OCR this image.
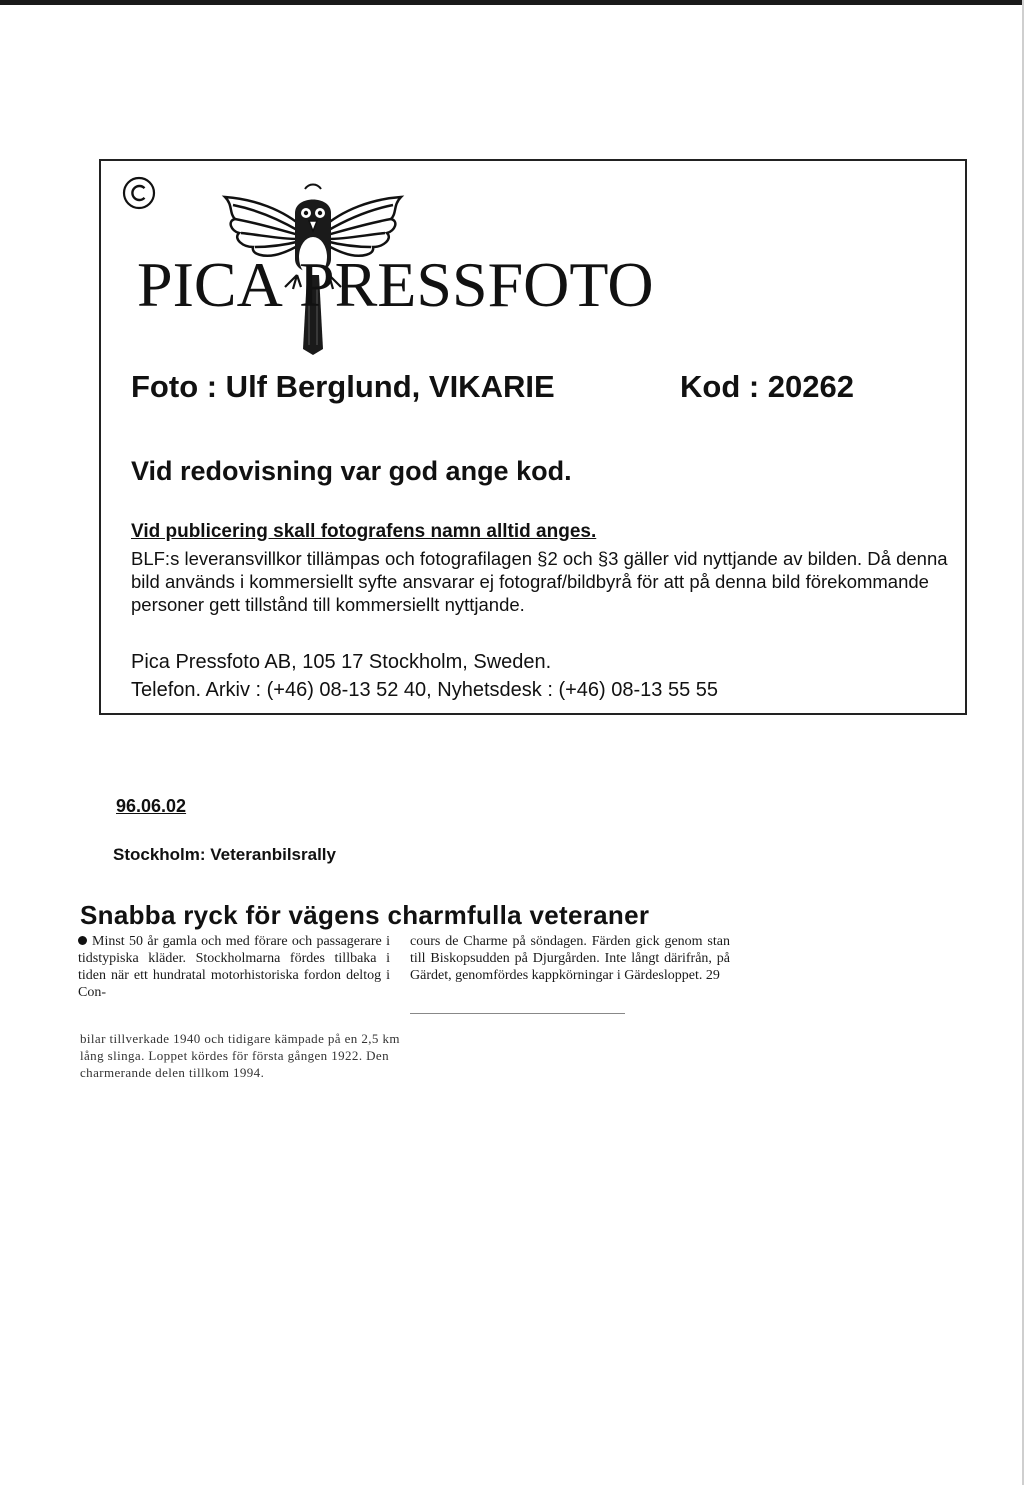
PICA PRESSFOTO
Foto : Ulf Berglund, VIKARIE	Kod : 20262
Vid redovisning var god ange kod.
Vid publicering skall fotografens namn alltid anges.

BLF:s leveransvillkor tillämpas och fotografilagen §2 och §3 gäller vid nyttjande av bilden. Då denna bild används i kommersiellt syfte ansvarar ej fotograf/bildbyrå för att på denna bild förekommande personer gett tillstånd till kommersiellt nyttjande.

Pica Pressfoto AB, 105 17 Stockholm, Sweden.
Telefon. Arkiv : (+46) 08-13 52 40, Nyhetsdesk : (+46) 08-13 55 55
96.06.02
Stockholm: Veteranbilsrally
Snabba ryck för vägens charmfulla veteraner

Minst 50 år gamla och med förare och passagerare i tidstypiska kläder. Stockholmarna fördes tillbaka i tiden när ett hundratal motorhistoriska fordon deltog i Con-

cours de Charme på söndagen. Färden gick genom stan till Biskopsudden på Djurgården. Inte långt därifrån, på Gärdet, genomfördes kappkörningar i Gärdesloppet. 29

bilar tillverkade 1940 och tidigare kämpade på en 2,5 km lång slinga. Loppet kördes för första gången 1922. Den charmerande delen tillkom 1994.
